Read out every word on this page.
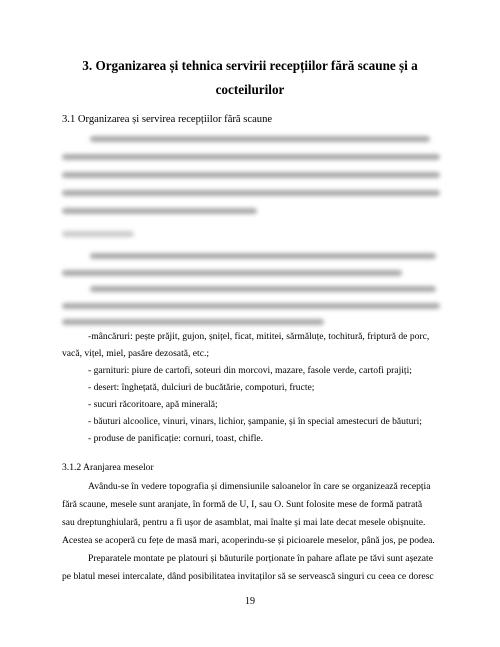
3. Organizarea și tehnica servirii recepțiilor fără scaune și a
cocteilurilor

3.1 Organizarea și servirea recepțiilor fără scaune

-mâncăruri: pește prăjit, gujon, șnițel, ficat, mititei, sărmăluțe, tochitură, friptură de porc,

vacă, vițel, miel, pasăre dezosată, etc.;

- garnituri: piure de cartofi, soteuri din morcovi, mazare, fasole verde, cartofi prajiți;

- desert: înghețată, dulciuri de bucătărie, compoturi, fructe;

- sucuri răcoritoare, apă minerală;

- băuturi alcoolice, vinuri, vinars, lichior, șampanie, și în special amestecuri de băuturi;

- produse de panificație: cornuri, toast, chifle.

3.1.2 Aranjarea meselor

Avându-se în vedere topografia și dimensiunile saloanelor în care se organizează recepția

fără scaune, mesele sunt aranjate, în formă de U, I, sau O. Sunt folosite mese de formă patrată

sau dreptunghiulară, pentru a fi ușor de asamblat, mai înalte și mai late decat mesele obișnuite.

Acestea se acoperă cu fețe de masă mari, acoperindu-se și picioarele meselor, până jos, pe podea.

Preparatele montate pe platouri și băuturile porționate în pahare aflate pe tăvi sunt așezate

pe blatul mesei intercalate, dând posibilitatea invitaților să se servească singuri cu ceea ce doresc

19
